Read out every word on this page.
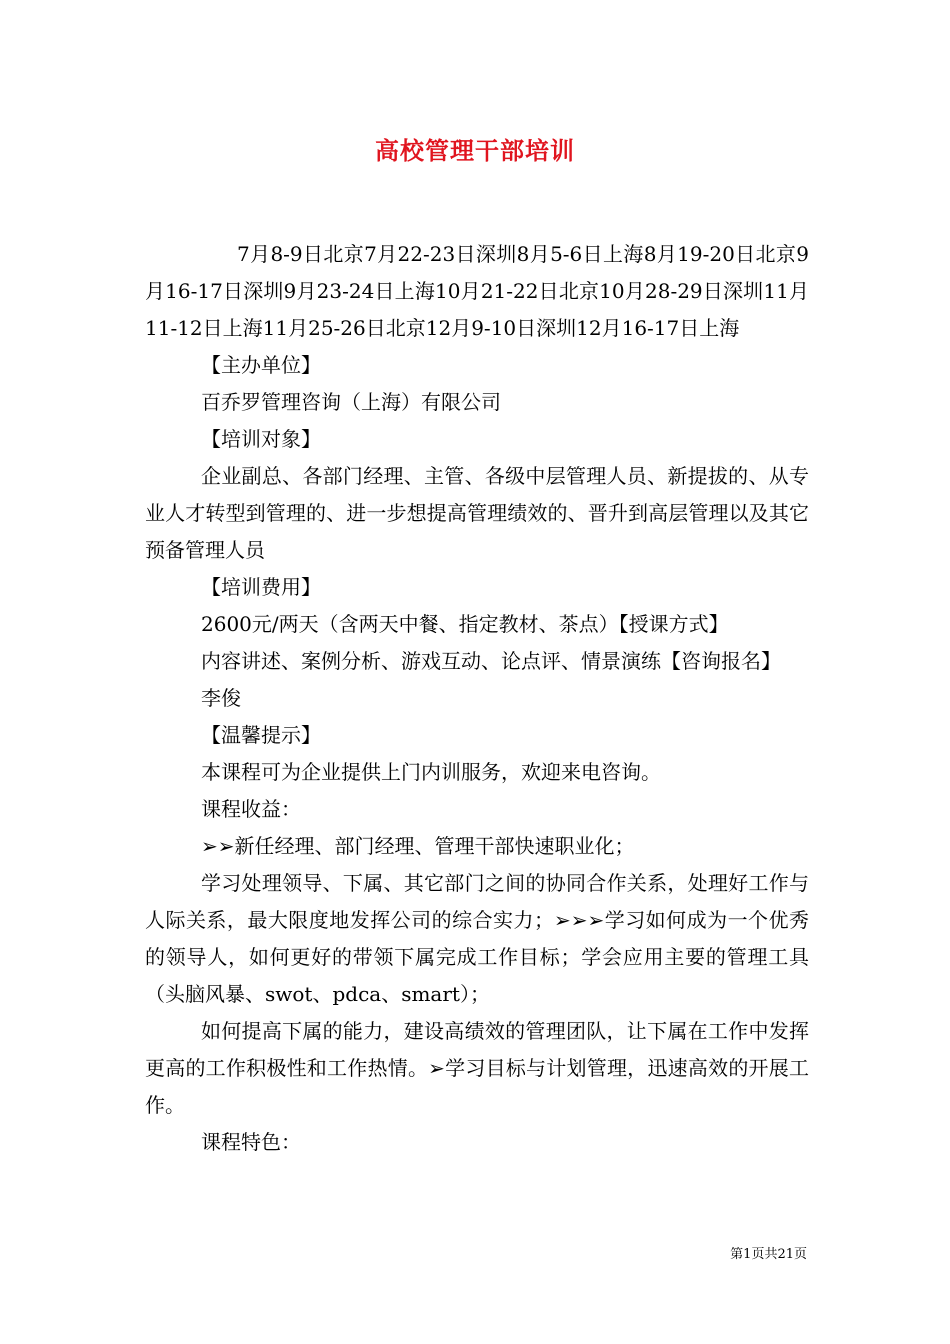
高校管理干部培训

7月8-9日北京7月22-23日深圳8月5-6日上海8月19-20日北京9月16-17日深圳9月23-24日上海10月21-22日北京10月28-29日深圳11月11-12日上海11月25-26日北京12月9-10日深圳12月16-17日上海

【主办单位】

百乔罗管理咨询（上海）有限公司

【培训对象】

企业副总、各部门经理、主管、各级中层管理人员、新提拔的、从专业人才转型到管理的、进一步想提高管理绩效的、晋升到高层管理以及其它预备管理人员

【培训费用】

2600元/两天（含两天中餐、指定教材、茶点）【授课方式】

内容讲述、案例分析、游戏互动、论点评、情景演练【咨询报名】

李俊

【温馨提示】

本课程可为企业提供上门内训服务，欢迎来电咨询。

课程收益：

➢➢新任经理、部门经理、管理干部快速职业化；

学习处理领导、下属、其它部门之间的协同合作关系，处理好工作与人际关系，最大限度地发挥公司的综合实力；➢➢➢学习如何成为一个优秀的领导人，如何更好的带领下属完成工作目标；学会应用主要的管理工具（头脑风暴、swot、pdca、smart）；

如何提高下属的能力，建设高绩效的管理团队，让下属在工作中发挥更高的工作积极性和工作热情。➢学习目标与计划管理，迅速高效的开展工作。

课程特色：

第1页共21页
